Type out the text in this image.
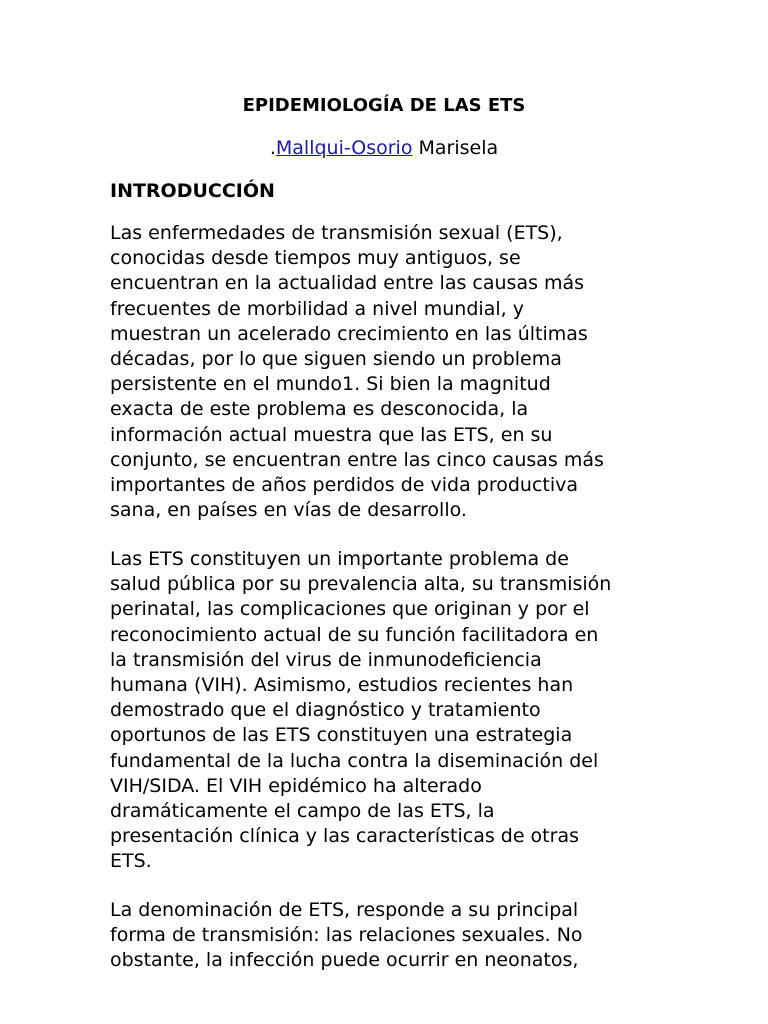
EPIDEMIOLOGÍA DE LAS ETS

.Mallqui-Osorio Marisela

INTRODUCCIÓN
Las enfermedades de transmisión sexual (ETS),
conocidas desde tiempos muy antiguos, se
encuentran en la actualidad entre las causas más
frecuentes de morbilidad a nivel mundial, y
muestran un acelerado crecimiento en las últimas
décadas, por lo que siguen siendo un problema
persistente en el mundo1. Si bien la magnitud
exacta de este problema es desconocida, la
información actual muestra que las ETS, en su
conjunto, se encuentran entre las cinco causas más
importantes de años perdidos de vida productiva
sana, en países en vías de desarrollo.
Las ETS constituyen un importante problema de
salud pública por su prevalencia alta, su transmisión
perinatal, las complicaciones que originan y por el
reconocimiento actual de su función facilitadora en
la transmisión del virus de inmunodeficiencia
humana (VIH). Asimismo, estudios recientes han
demostrado que el diagnóstico y tratamiento
oportunos de las ETS constituyen una estrategia
fundamental de la lucha contra la diseminación del
VIH/SIDA. El VIH epidémico ha alterado
dramáticamente el campo de las ETS, la
presentación clínica y las características de otras
ETS.
La denominación de ETS, responde a su principal
forma de transmisión: las relaciones sexuales. No
obstante, la infección puede ocurrir en neonatos,
